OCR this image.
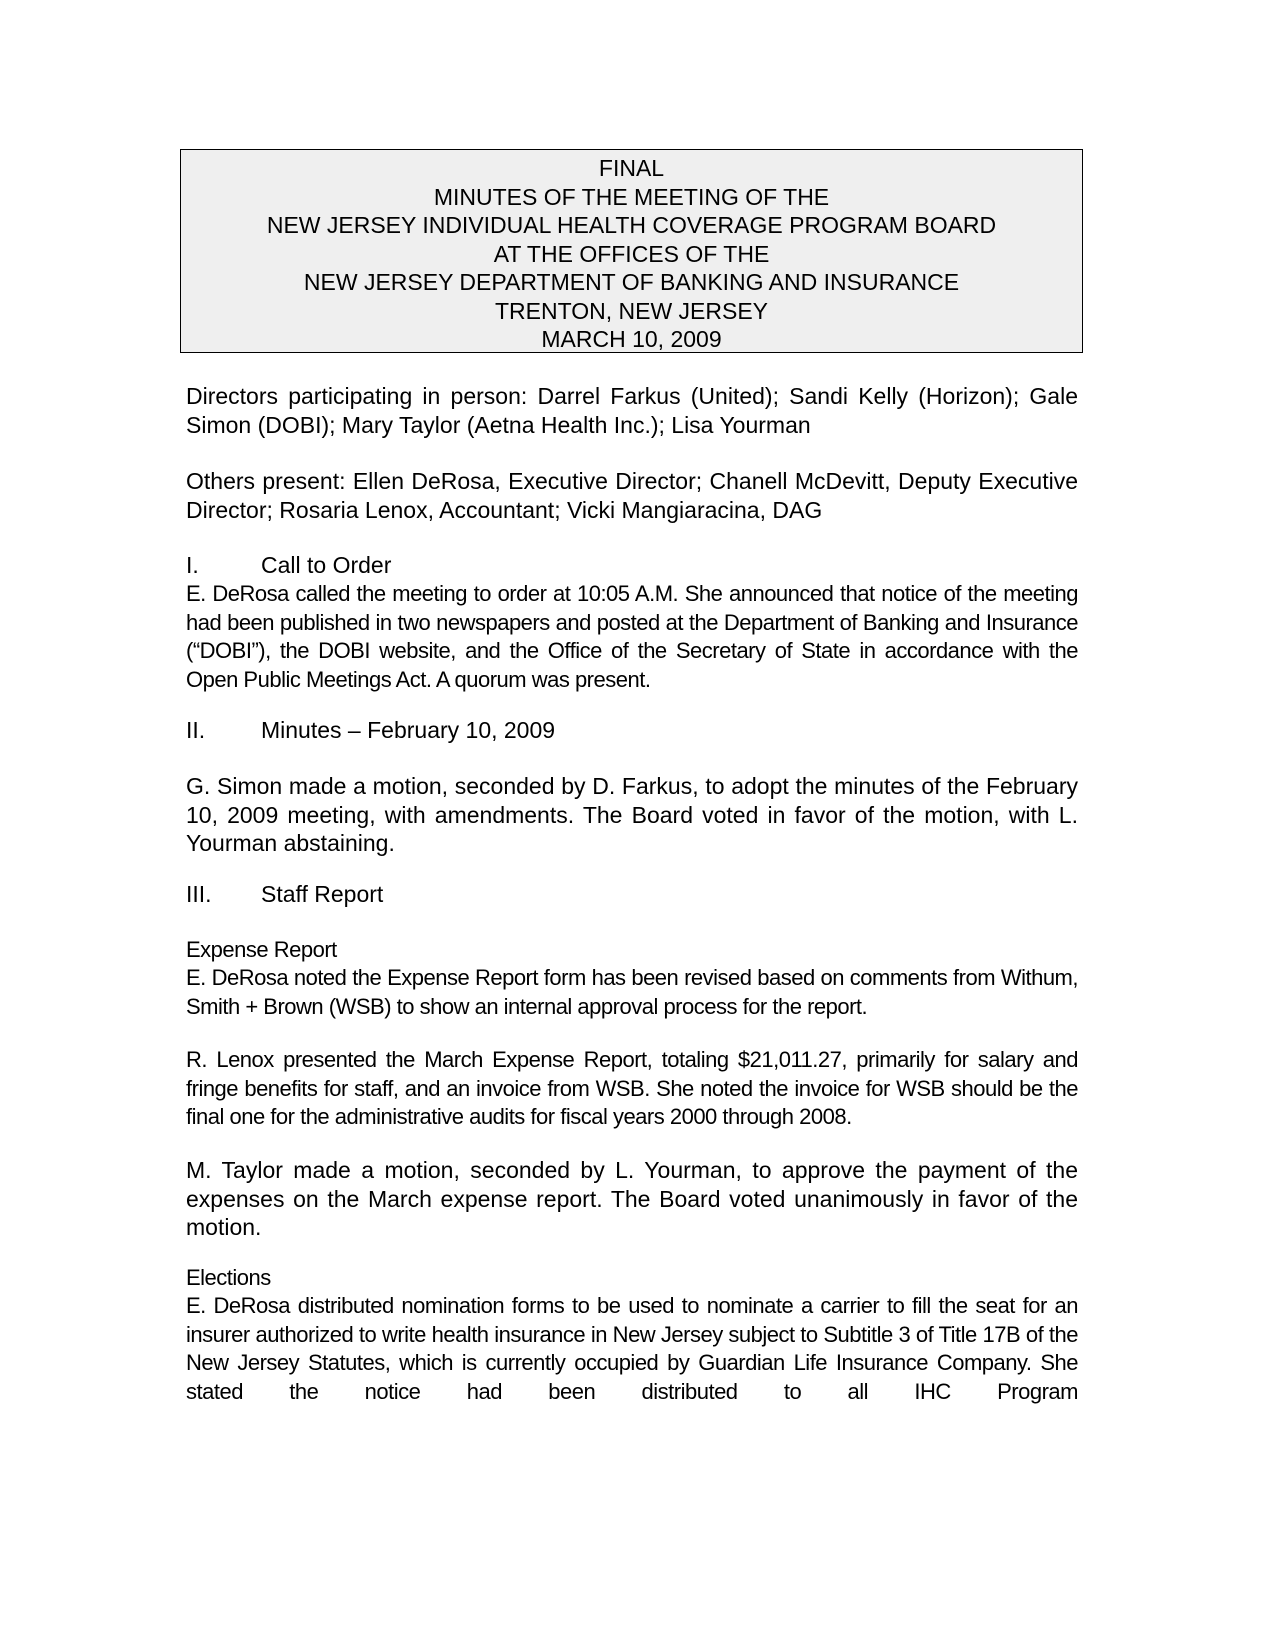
FINAL
MINUTES OF THE MEETING OF THE
NEW JERSEY INDIVIDUAL HEALTH COVERAGE PROGRAM BOARD
AT THE OFFICES OF THE
NEW JERSEY DEPARTMENT OF BANKING AND INSURANCE
TRENTON, NEW JERSEY
MARCH 10, 2009

Directors participating in person: Darrel Farkus (United); Sandi Kelly (Horizon); Gale Simon (DOBI); Mary Taylor (Aetna Health Inc.); Lisa Yourman

Others present: Ellen DeRosa, Executive Director; Chanell McDevitt, Deputy Executive Director; Rosaria Lenox, Accountant; Vicki Mangiaracina, DAG

I.	Call to Order

E. DeRosa called the meeting to order at 10:05 A.M. She announced that notice of the meeting had been published in two newspapers and posted at the Department of Banking and Insurance (“DOBI”), the DOBI website, and the Office of the Secretary of State in accordance with the Open Public Meetings Act. A quorum was present.

II.	Minutes – February 10, 2009

G. Simon made a motion, seconded by D. Farkus, to adopt the minutes of the February 10, 2009 meeting, with amendments. The Board voted in favor of the motion, with L. Yourman abstaining.

III.	Staff Report

Expense Report

E. DeRosa noted the Expense Report form has been revised based on comments from Withum, Smith + Brown (WSB) to show an internal approval process for the report.

R. Lenox presented the March Expense Report, totaling $21,011.27, primarily for salary and fringe benefits for staff, and an invoice from WSB. She noted the invoice for WSB should be the final one for the administrative audits for fiscal years 2000 through 2008.

M. Taylor made a motion, seconded by L. Yourman, to approve the payment of the expenses on the March expense report. The Board voted unanimously in favor of the motion.

Elections

E. DeRosa distributed nomination forms to be used to nominate a carrier to fill the seat for an insurer authorized to write health insurance in New Jersey subject to Subtitle 3 of Title 17B of the New Jersey Statutes, which is currently occupied by Guardian Life Insurance Company. She stated the notice had been distributed to all IHC Program
